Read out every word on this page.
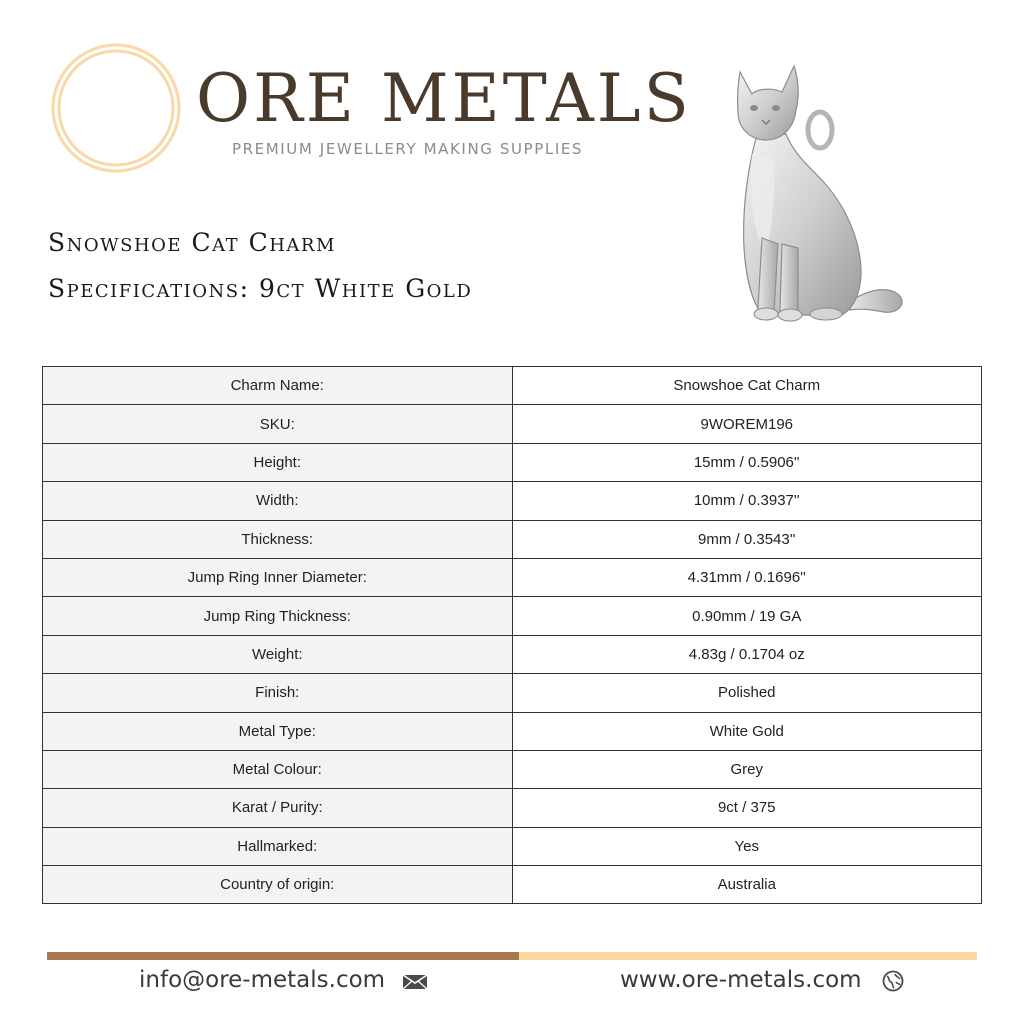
ORE METALS
PREMIUM JEWELLERY MAKING SUPPLIES
Snowshoe Cat Charm
Specifications: 9ct White Gold
Charm Name:	Snowshoe Cat Charm
SKU:	9WOREM196
Height:	15mm / 0.5906''
Width:	10mm / 0.3937''
Thickness:	9mm / 0.3543''
Jump Ring Inner Diameter:	4.31mm / 0.1696''
Jump Ring Thickness:	0.90mm / 19 GA
Weight:	4.83g / 0.1704 oz
Finish:	Polished
Metal Type:	White Gold
Metal Colour:	Grey
Karat / Purity:	9ct / 375
Hallmarked:	Yes
Country of origin:	Australia
info@ore-metals.com	www.ore-metals.com
